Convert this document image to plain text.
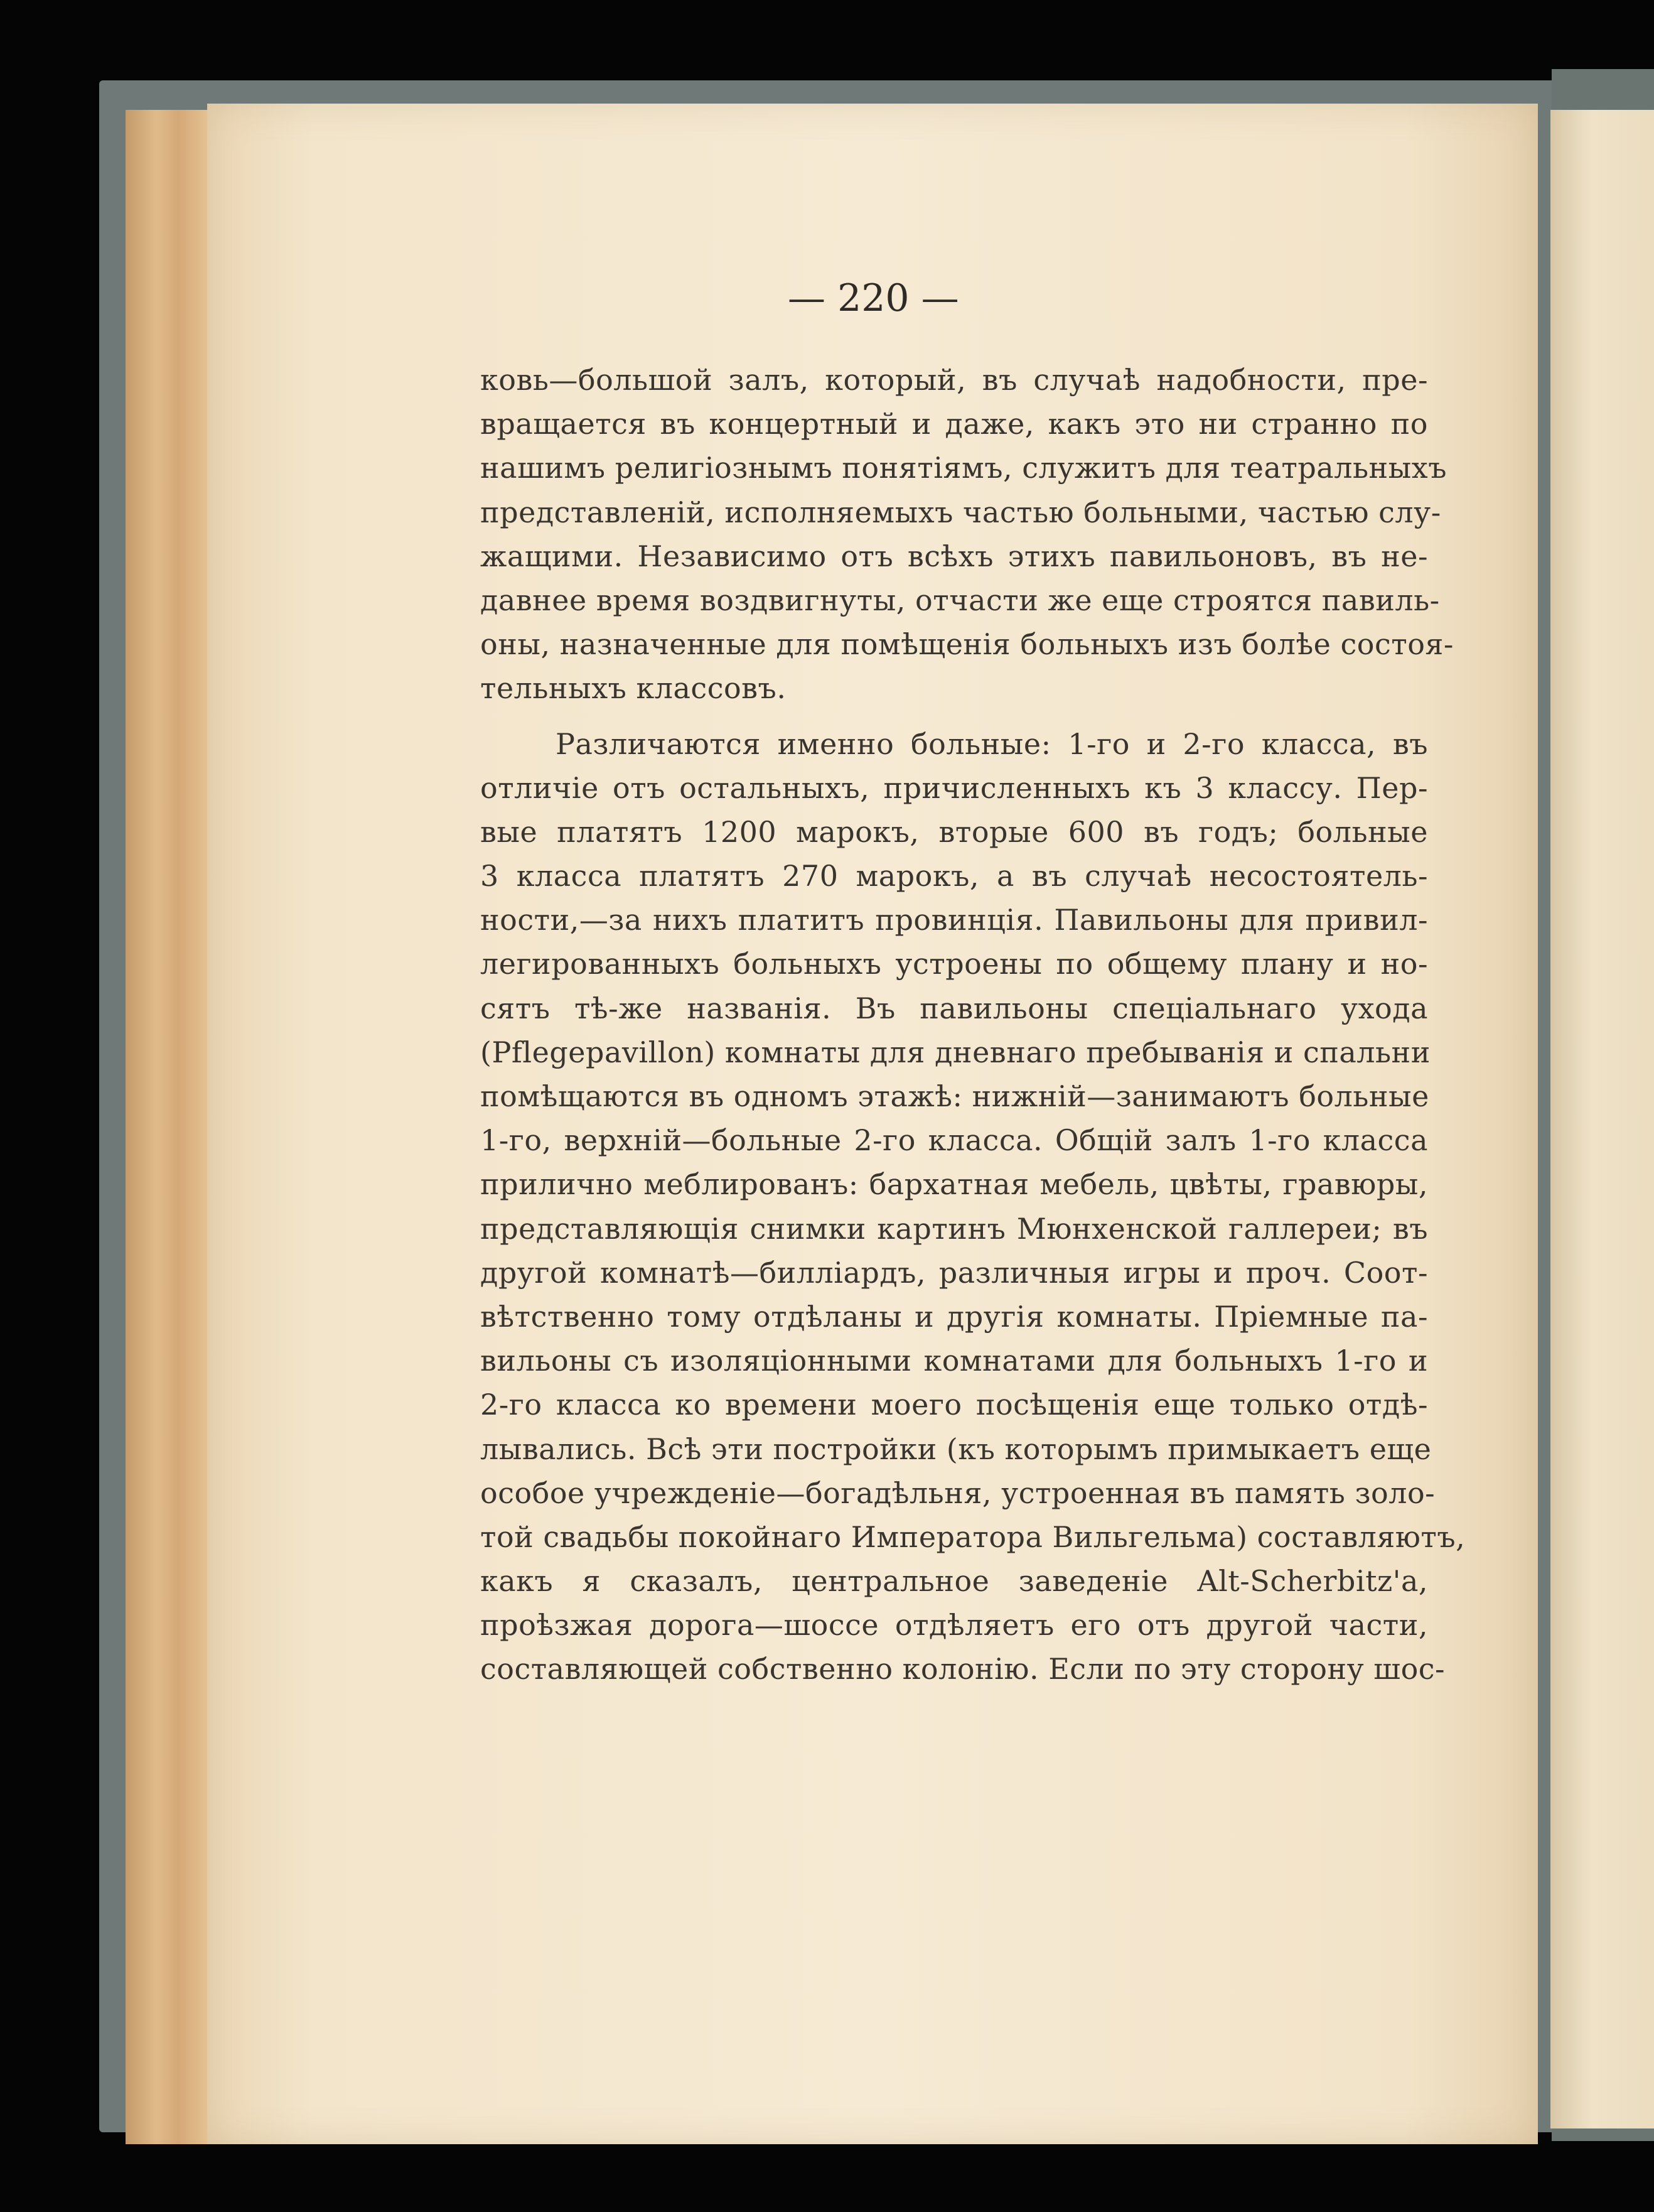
— 220 —
ковь—большой залъ, который, въ случаѣ надобности, пре-
вращается въ концертный и даже, какъ это ни странно по
нашимъ религіознымъ понятіямъ, служитъ для театральныхъ
представленій, исполняемыхъ частью больными, частью слу-
жащими. Независимо отъ всѣхъ этихъ павильоновъ, въ не-
давнее время воздвигнуты, отчасти же еще строятся павиль-
оны, назначенные для помѣщенія больныхъ изъ болѣе состоя-
тельныхъ классовъ.
Различаются именно больные: 1-го и 2-го класса, въ
отличіе отъ остальныхъ, причисленныхъ къ 3 классу. Пер-
вые платятъ 1200 марокъ, вторые 600 въ годъ; больные
3 класса платятъ 270 марокъ, а въ случаѣ несостоятель-
ности,—за нихъ платитъ провинція. Павильоны для привил-
легированныхъ больныхъ устроены по общему плану и но-
сятъ тѣ-же названія. Въ павильоны спеціальнаго ухода
(Pflegepavillon) комнаты для дневнаго пребыванія и спальни
помѣщаются въ одномъ этажѣ: нижній—занимаютъ больные
1-го, верхній—больные 2-го класса. Общій залъ 1-го класса
прилично меблированъ: бархатная мебель, цвѣты, гравюры,
представляющія снимки картинъ Мюнхенской галлереи; въ
другой комнатѣ—билліардъ, различныя игры и проч. Соот-
вѣтственно тому отдѣланы и другія комнаты. Пріемные па-
вильоны съ изоляціонными комнатами для больныхъ 1-го и
2-го класса ко времени моего посѣщенія еще только отдѣ-
лывались. Всѣ эти постройки (къ которымъ примыкаетъ еще
особое учрежденіе—богадѣльня, устроенная въ память золо-
той свадьбы покойнаго Императора Вильгельма) составляютъ,
какъ я сказалъ, центральное заведеніе Alt-Scherbitz'a,
проѣзжая дорога—шоссе отдѣляетъ его отъ другой части,
составляющей собственно колонію. Если по эту сторону шос-
